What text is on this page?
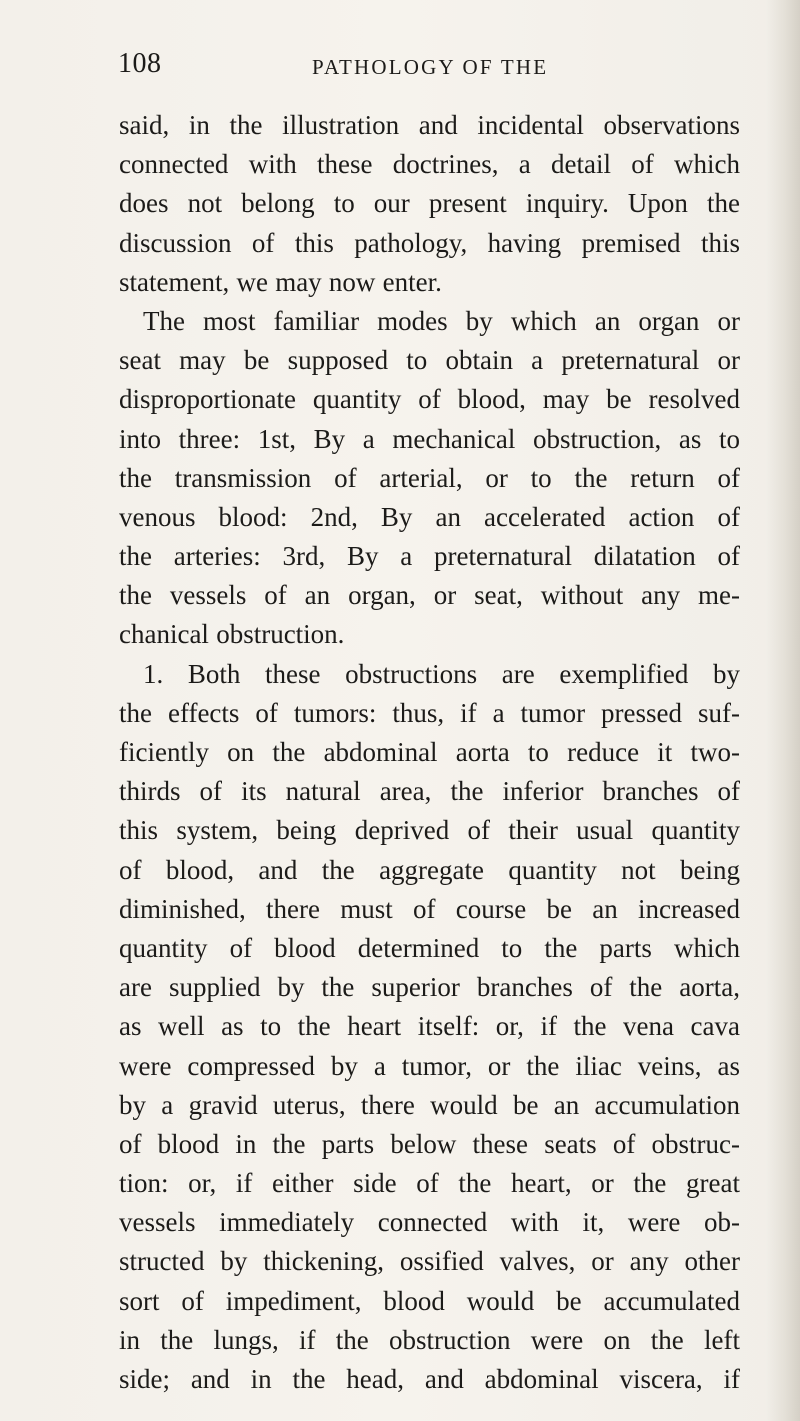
108	PATHOLOGY OF THE
said, in the illustration and incidental observations
connected with these doctrines, a detail of which
does not belong to our present inquiry. Upon the
discussion of this pathology, having premised this
statement, we may now enter.
The most familiar modes by which an organ or
seat may be supposed to obtain a preternatural or
disproportionate quantity of blood, may be resolved
into three: 1st, By a mechanical obstruction, as to
the transmission of arterial, or to the return of
venous blood: 2nd, By an accelerated action of
the arteries: 3rd, By a preternatural dilatation of
the vessels of an organ, or seat, without any me-
chanical obstruction.
1. Both these obstructions are exemplified by
the effects of tumors: thus, if a tumor pressed suf-
ficiently on the abdominal aorta to reduce it two-
thirds of its natural area, the inferior branches of
this system, being deprived of their usual quantity
of blood, and the aggregate quantity not being
diminished, there must of course be an increased
quantity of blood determined to the parts which
are supplied by the superior branches of the aorta,
as well as to the heart itself: or, if the vena cava
were compressed by a tumor, or the iliac veins, as
by a gravid uterus, there would be an accumulation
of blood in the parts below these seats of obstruc-
tion: or, if either side of the heart, or the great
vessels immediately connected with it, were ob-
structed by thickening, ossified valves, or any other
sort of impediment, blood would be accumulated
in the lungs, if the obstruction were on the left
side; and in the head, and abdominal viscera, if
